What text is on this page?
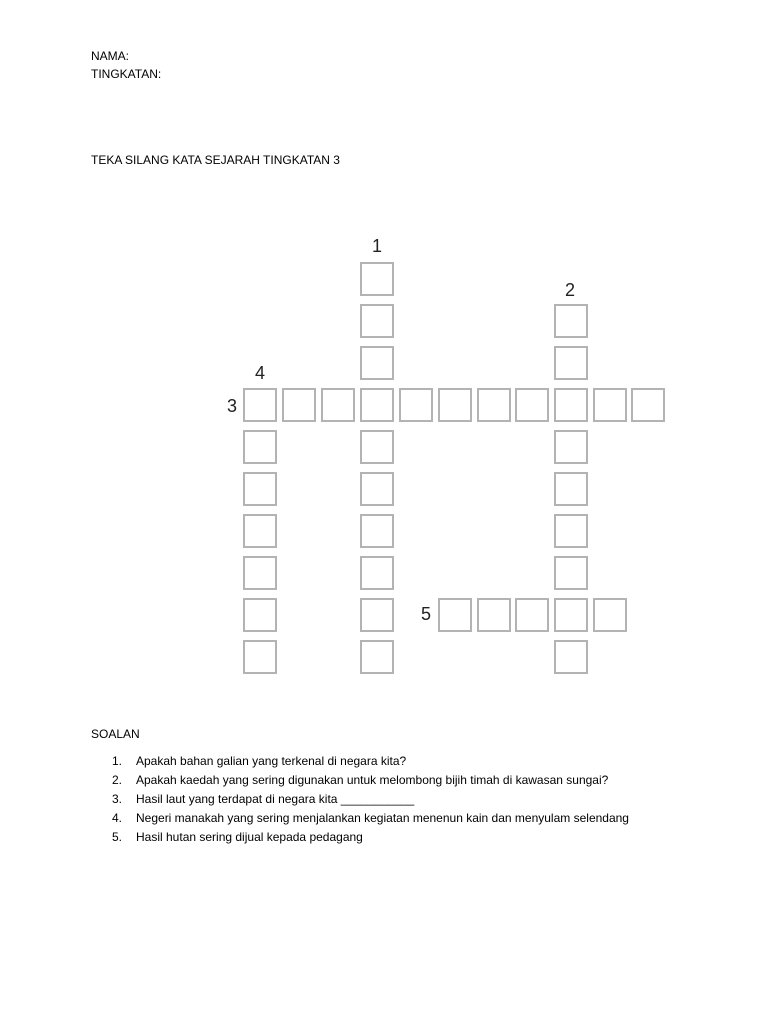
NAMA:
TINGKATAN:
TEKA SILANG KATA SEJARAH TINGKATAN 3
1
2
3
4
5
SOALAN
1. Apakah bahan galian yang terkenal di negara kita?
2. Apakah kaedah yang sering digunakan untuk melombong bijih timah di kawasan sungai?
3. Hasil laut yang terdapat di negara kita ___________
4. Negeri manakah yang sering menjalankan kegiatan menenun kain dan menyulam selendang
5. Hasil hutan sering dijual kepada pedagang
